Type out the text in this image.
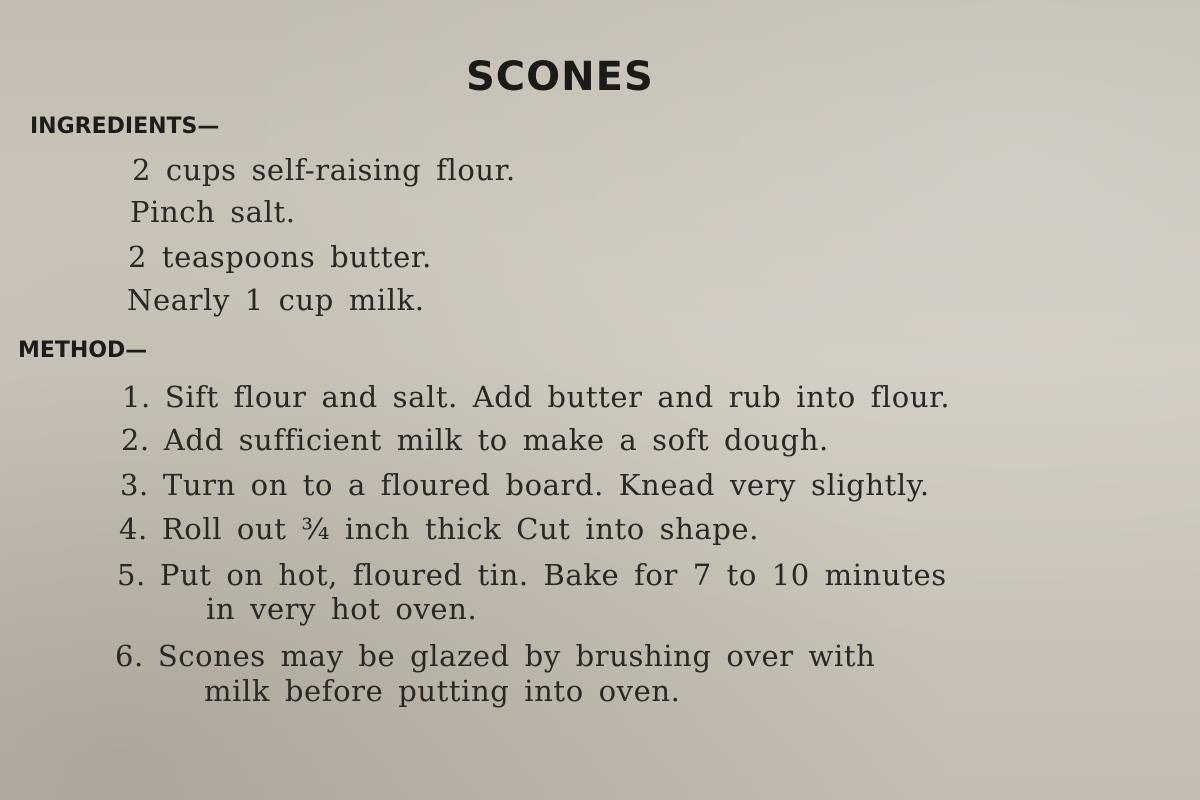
SCONES
INGREDIENTS—
2 cups self-raising flour.
Pinch salt.
2 teaspoons butter.
Nearly 1 cup milk.
METHOD—
1. Sift flour and salt. Add butter and rub into flour.
2. Add sufficient milk to make a soft dough.
3. Turn on to a floured board. Knead very slightly.
4. Roll out ¾ inch thick Cut into shape.
5. Put on hot, floured tin. Bake for 7 to 10 minutes
in very hot oven.
6. Scones may be glazed by brushing over with
milk before putting into oven.
